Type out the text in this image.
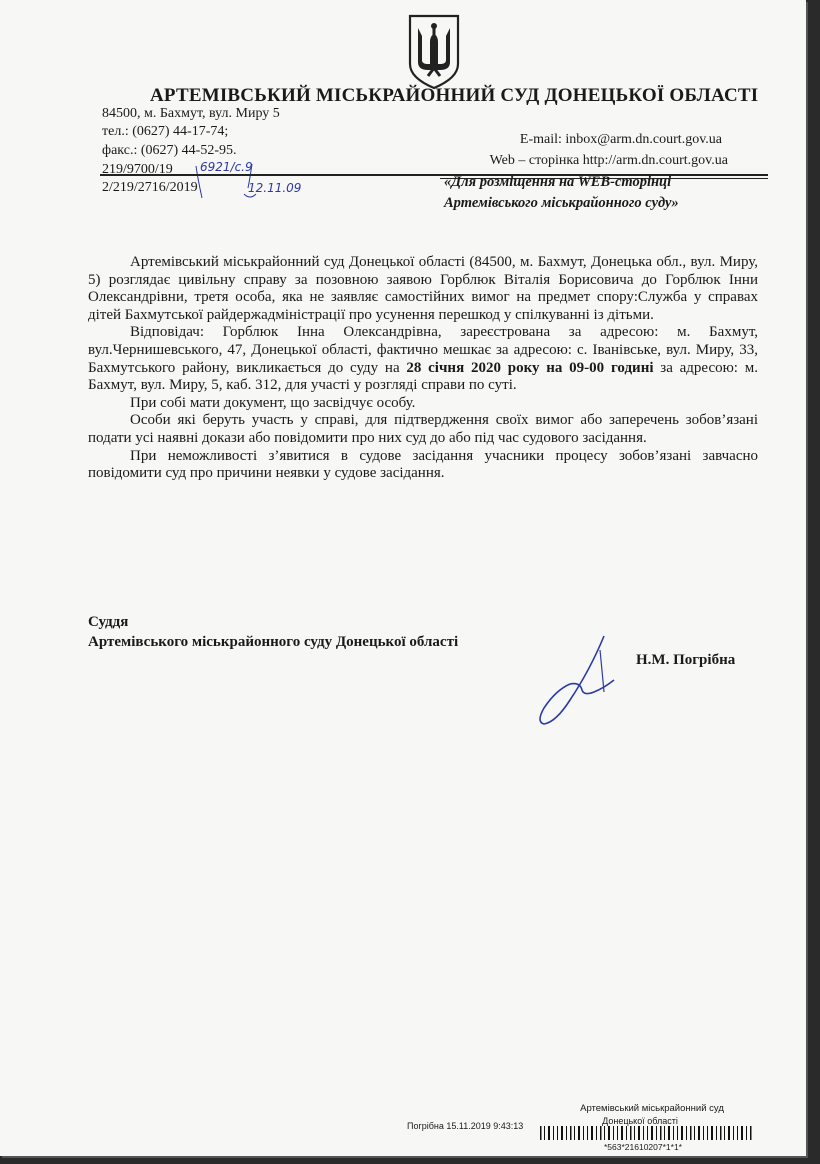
АРТЕМІВСЬКИЙ МІСЬКРАЙОННИЙ СУД ДОНЕЦЬКОЇ ОБЛАСТІ
84500, м. Бахмут, вул. Миру 5
тел.: (0627) 44-17-74;
факс.: (0627) 44-52-95.
E-mail: inbox@arm.dn.court.gov.ua
Web – сторінка http://arm.dn.court.gov.ua
219/9700/19
2/219/2716/2019
6921/с.9
12.11.09	«Для розміщення на WEB-сторінці
Артемівського міськрайонного суду»

Артемівський міськрайонний суд Донецької області (84500, м. Бахмут, Донецька обл., вул. Миру, 5) розглядає цивільну справу за позовною заявою Горблюк Віталія Борисовича до Горблюк Інни Олександрівни, третя особа, яка не заявляє самостійних вимог на предмет спору:Служба у справах дітей Бахмутської райдержадміністрації про усунення перешкод у спілкуванні із дітьми.

Відповідач: Горблюк Інна Олександрівна, зареєстрована за адресою: м. Бахмут, вул.Чернишевського, 47, Донецької області, фактично мешкає за адресою: с. Іванівське, вул. Миру, 33, Бахмутського району, викликається до суду на 28 січня 2020 року на 09-00 годині за адресою: м. Бахмут, вул. Миру, 5, каб. 312, для участі у розгляді справи по суті.

При собі мати документ, що засвідчує особу.

Особи які беруть участь у справі, для підтвердження своїх вимог або заперечень зобов’язані подати усі наявні докази або повідомити про них суд до або під час судового засідання.

При неможливості з’явитися в судове засідання учасники процесу зобов’язані завчасно повідомити суд про причини неявки у судове засідання.

Суддя
Артемівського міськрайонного суду Донецької області
Н.М. Погрібна
Артемівський міськрайонний суд
Донецької області
Погрібна 15.11.2019 9:43:13
*563*21610207*1*1*
